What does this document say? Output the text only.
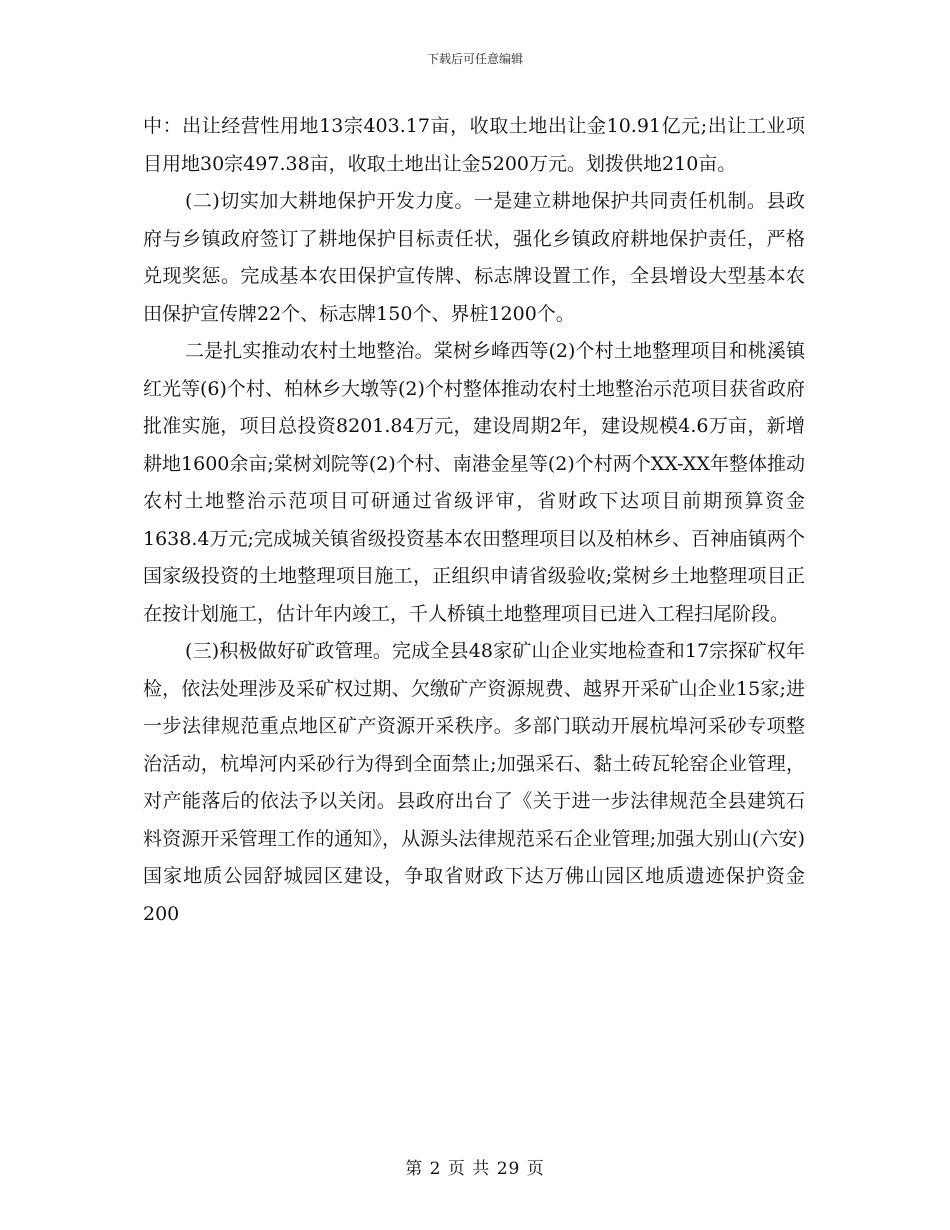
下载后可任意编辑

中：出让经营性用地13宗403.17亩，收取土地出让金10.91亿元;出让工业项目用地30宗497.38亩，收取土地出让金5200万元。划拨供地210亩。

(二)切实加大耕地保护开发力度。一是建立耕地保护共同责任机制。县政府与乡镇政府签订了耕地保护目标责任状，强化乡镇政府耕地保护责任，严格兑现奖惩。完成基本农田保护宣传牌、标志牌设置工作，全县增设大型基本农田保护宣传牌22个、标志牌150个、界桩1200个。

二是扎实推动农村土地整治。棠树乡峰西等(2)个村土地整理项目和桃溪镇红光等(6)个村、柏林乡大墩等(2)个村整体推动农村土地整治示范项目获省政府批准实施，项目总投资8201.84万元，建设周期2年，建设规模4.6万亩，新增耕地1600余亩;棠树刘院等(2)个村、南港金星等(2)个村两个XX-XX年整体推动农村土地整治示范项目可研通过省级评审，省财政下达项目前期预算资金1638.4万元;完成城关镇省级投资基本农田整理项目以及柏林乡、百神庙镇两个国家级投资的土地整理项目施工，正组织申请省级验收;棠树乡土地整理项目正在按计划施工，估计年内竣工，千人桥镇土地整理项目已进入工程扫尾阶段。

(三)积极做好矿政管理。完成全县48家矿山企业实地检查和17宗探矿权年检，依法处理涉及采矿权过期、欠缴矿产资源规费、越界开采矿山企业15家;进一步法律规范重点地区矿产资源开采秩序。多部门联动开展杭埠河采砂专项整治活动，杭埠河内采砂行为得到全面禁止;加强采石、黏土砖瓦轮窑企业管理，对产能落后的依法予以关闭。县政府出台了《关于进一步法律规范全县建筑石料资源开采管理工作的通知》，从源头法律规范采石企业管理;加强大别山(六安)国家地质公园舒城园区建设，争取省财政下达万佛山园区地质遗迹保护资金200

第 2 页 共 29 页
